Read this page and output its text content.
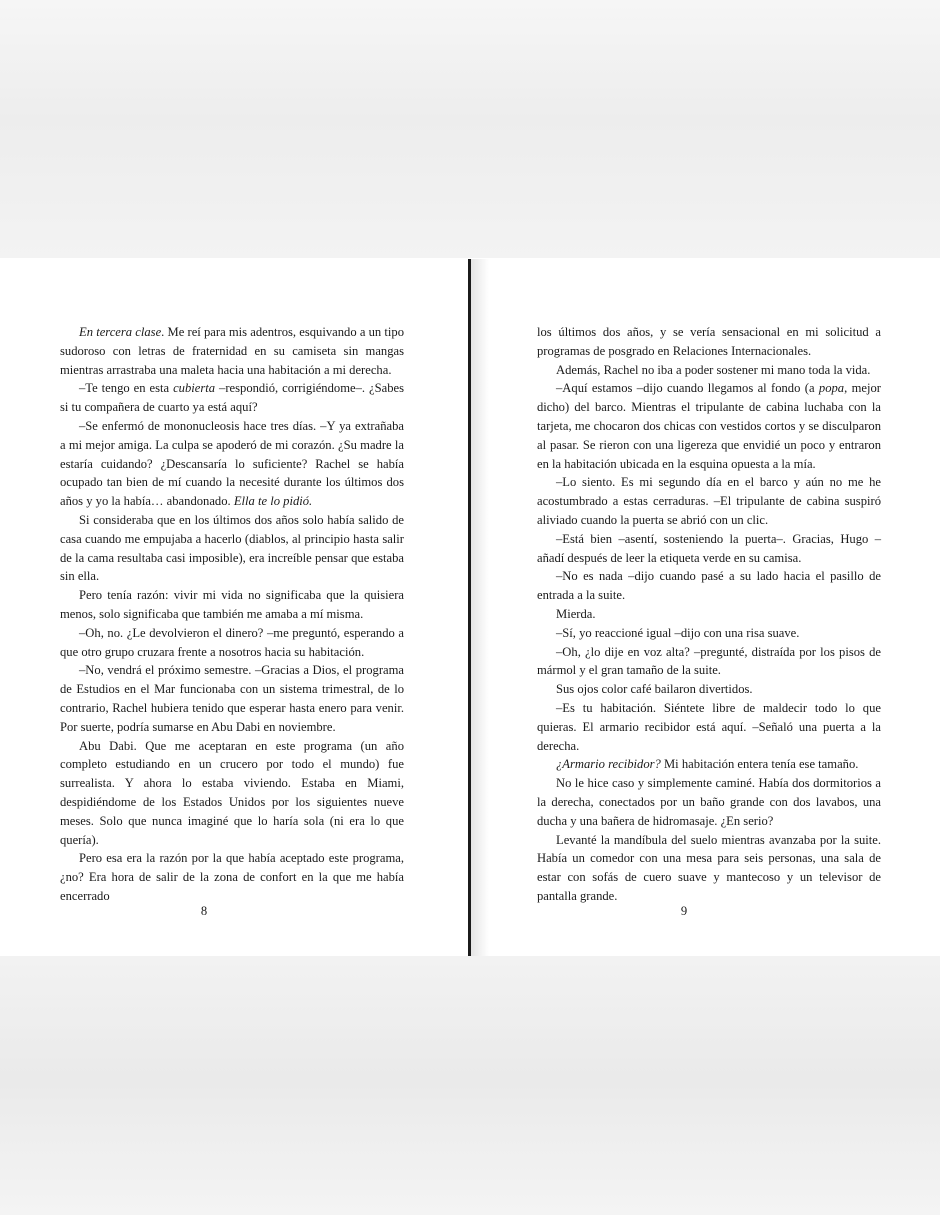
En tercera clase. Me reí para mis adentros, esquivando a un tipo sudoroso con letras de fraternidad en su camiseta sin mangas mientras arrastraba una maleta hacia una habitación a mi derecha.

–Te tengo en esta cubierta –respondió, corrigiéndome–. ¿Sabes si tu compañera de cuarto ya está aquí?

–Se enfermó de mononucleosis hace tres días. –Y ya extrañaba a mi mejor amiga. La culpa se apoderó de mi corazón. ¿Su madre la estaría cuidando? ¿Descansaría lo suficiente? Rachel se había ocupado tan bien de mí cuando la necesité durante los últimos dos años y yo la había… abandonado. Ella te lo pidió.

Si consideraba que en los últimos dos años solo había salido de casa cuando me empujaba a hacerlo (diablos, al principio hasta salir de la cama resultaba casi imposible), era increíble pensar que estaba sin ella.

Pero tenía razón: vivir mi vida no significaba que la quisiera menos, solo significaba que también me amaba a mí misma.

–Oh, no. ¿Le devolvieron el dinero? –me preguntó, esperando a que otro grupo cruzara frente a nosotros hacia su habitación.

–No, vendrá el próximo semestre. –Gracias a Dios, el programa de Estudios en el Mar funcionaba con un sistema trimestral, de lo contrario, Rachel hubiera tenido que esperar hasta enero para venir. Por suerte, podría sumarse en Abu Dabi en noviembre.

Abu Dabi. Que me aceptaran en este programa (un año completo estudiando en un crucero por todo el mundo) fue surrealista. Y ahora lo estaba viviendo. Estaba en Miami, despidiéndome de los Estados Unidos por los siguientes nueve meses. Solo que nunca imaginé que lo haría sola (ni era lo que quería).

Pero esa era la razón por la que había aceptado este programa, ¿no? Era hora de salir de la zona de confort en la que me había encerrado

8

los últimos dos años, y se vería sensacional en mi solicitud a programas de posgrado en Relaciones Internacionales.

Además, Rachel no iba a poder sostener mi mano toda la vida.

–Aquí estamos –dijo cuando llegamos al fondo (a popa, mejor dicho) del barco. Mientras el tripulante de cabina luchaba con la tarjeta, me chocaron dos chicas con vestidos cortos y se disculparon al pasar. Se rieron con una ligereza que envidié un poco y entraron en la habitación ubicada en la esquina opuesta a la mía.

–Lo siento. Es mi segundo día en el barco y aún no me he acostumbrado a estas cerraduras. –El tripulante de cabina suspiró aliviado cuando la puerta se abrió con un clic.

–Está bien –asentí, sosteniendo la puerta–. Gracias, Hugo –añadí después de leer la etiqueta verde en su camisa.

–No es nada –dijo cuando pasé a su lado hacia el pasillo de entrada a la suite.

Mierda.

–Sí, yo reaccioné igual –dijo con una risa suave.

–Oh, ¿lo dije en voz alta? –pregunté, distraída por los pisos de mármol y el gran tamaño de la suite.

Sus ojos color café bailaron divertidos.

–Es tu habitación. Siéntete libre de maldecir todo lo que quieras. El armario recibidor está aquí. –Señaló una puerta a la derecha.

¿Armario recibidor? Mi habitación entera tenía ese tamaño.

No le hice caso y simplemente caminé. Había dos dormitorios a la derecha, conectados por un baño grande con dos lavabos, una ducha y una bañera de hidromasaje. ¿En serio?

Levanté la mandíbula del suelo mientras avanzaba por la suite. Había un comedor con una mesa para seis personas, una sala de estar con sofás de cuero suave y mantecoso y un televisor de pantalla grande.

9
